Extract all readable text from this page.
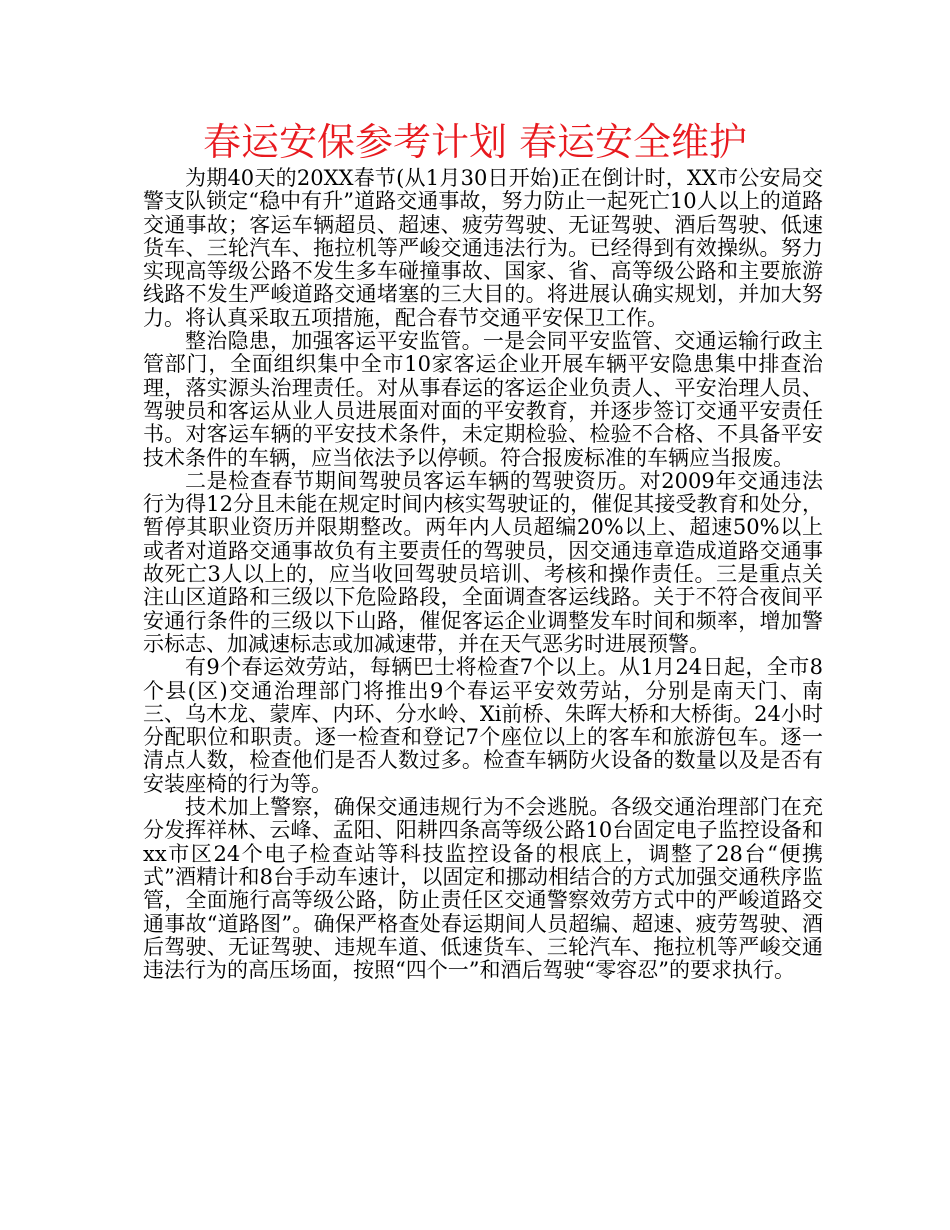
春运安保参考计划 春运安全维护

为期40天的20XX春节(从1月30日开始)正在倒计时，XX市公安局交警支队锁定“稳中有升”道路交通事故，努力防止一起死亡10人以上的道路交通事故；客运车辆超员、超速、疲劳驾驶、无证驾驶、酒后驾驶、低速货车、三轮汽车、拖拉机等严峻交通违法行为。已经得到有效操纵。努力实现高等级公路不发生多车碰撞事故、国家、省、高等级公路和主要旅游线路不发生严峻道路交通堵塞的三大目的。将进展认确实规划，并加大努力。将认真采取五项措施，配合春节交通平安保卫工作。

整治隐患，加强客运平安监管。一是会同平安监管、交通运输行政主管部门，全面组织集中全市10家客运企业开展车辆平安隐患集中排查治理，落实源头治理责任。对从事春运的客运企业负责人、平安治理人员、驾驶员和客运从业人员进展面对面的平安教育，并逐步签订交通平安责任书。对客运车辆的平安技术条件，未定期检验、检验不合格、不具备平安技术条件的车辆，应当依法予以停顿。符合报废标准的车辆应当报废。

二是检查春节期间驾驶员客运车辆的驾驶资历。对2009年交通违法行为得12分且未能在规定时间内核实驾驶证的，催促其接受教育和处分，暂停其职业资历并限期整改。两年内人员超编20%以上、超速50%以上或者对道路交通事故负有主要责任的驾驶员，因交通违章造成道路交通事故死亡3人以上的，应当收回驾驶员培训、考核和操作责任。三是重点关注山区道路和三级以下危险路段，全面调查客运线路。关于不符合夜间平安通行条件的三级以下山路，催促客运企业调整发车时间和频率，增加警示标志、加减速标志或加减速带，并在天气恶劣时进展预警。

有9个春运效劳站，每辆巴士将检查7个以上。从1月24日起，全市8个县(区)交通治理部门将推出9个春运平安效劳站，分别是南天门、南三、乌木龙、蒙库、内环、分水岭、Xi前桥、朱晖大桥和大桥街。24小时分配职位和职责。逐一检查和登记7个座位以上的客车和旅游包车。逐一清点人数，检查他们是否人数过多。检查车辆防火设备的数量以及是否有安装座椅的行为等。

技术加上警察，确保交通违规行为不会逃脱。各级交通治理部门在充分发挥祥林、云峰、孟阳、阳耕四条高等级公路10台固定电子监控设备和xx市区24个电子检查站等科技监控设备的根底上，调整了28台“便携式”酒精计和8台手动车速计，以固定和挪动相结合的方式加强交通秩序监管，全面施行高等级公路，防止责任区交通警察效劳方式中的严峻道路交通事故“道路图”。确保严格查处春运期间人员超编、超速、疲劳驾驶、酒后驾驶、无证驾驶、违规车道、低速货车、三轮汽车、拖拉机等严峻交通违法行为的高压场面，按照“四个一”和酒后驾驶“零容忍”的要求执行。
